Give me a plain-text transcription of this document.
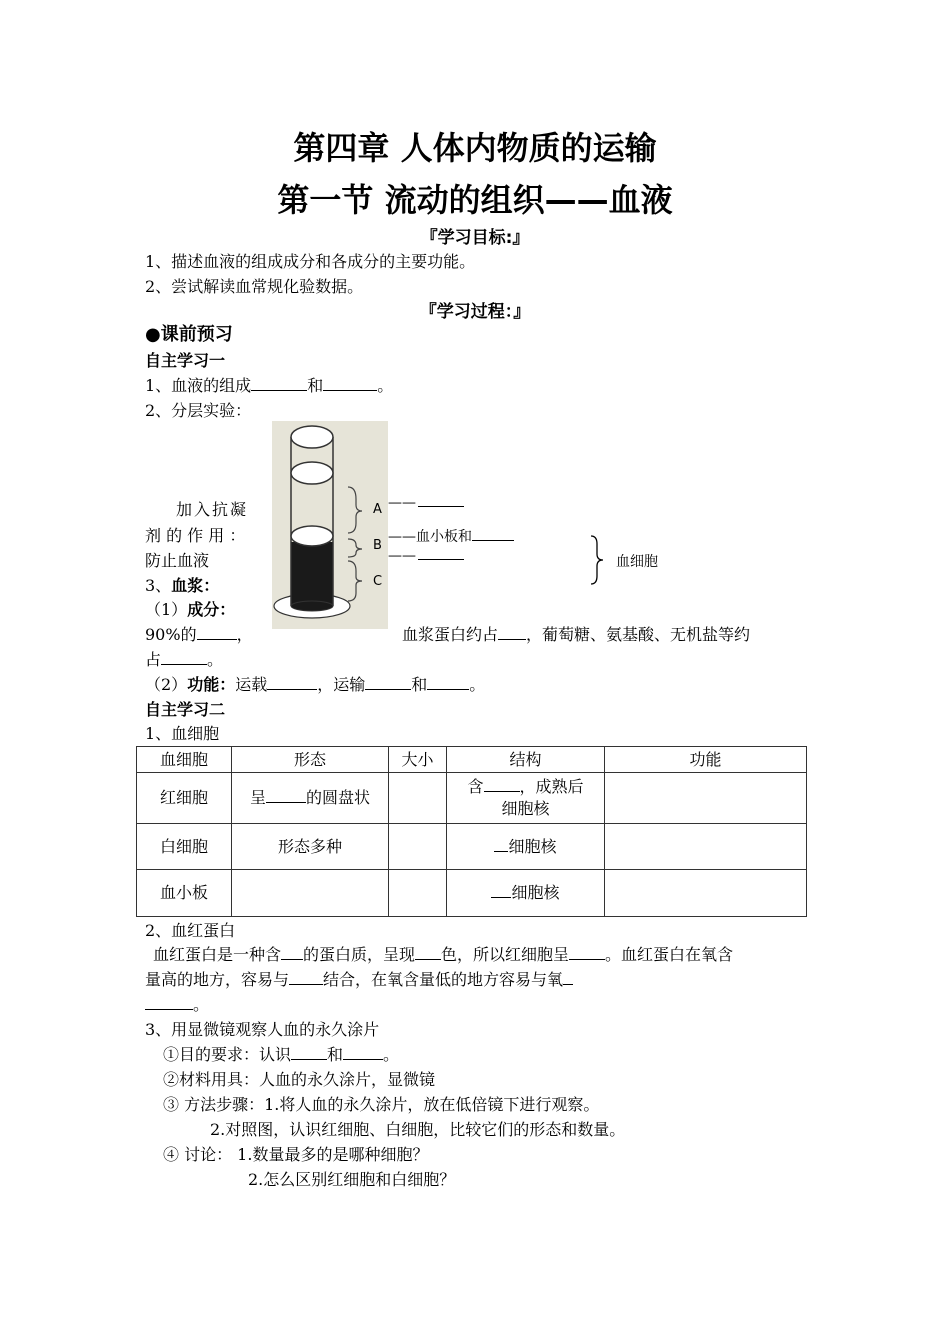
第四章 人体内物质的运输
第一节 流动的组织——血液
『学习目标:』
1、描述血液的组成成分和各成分的主要功能。
2、尝试解读血常规化验数据。
『学习过程：』
●课前预习
自主学习一
1、血液的组成	和	。
2、分层实验：
A
B
C
——
——血小板和
——	血细胞
加入抗凝
剂 的 作 用 ：
防止血液
3、血浆：
（1）成分：
90%的	，	血浆蛋白约占 ，葡萄糖、氨基酸、无机盐等约
占	。
（2）功能：运载	，运输	和	。
自主学习二
1、血细胞
血细胞	形态	大小	结构	功能
红细胞	呈 的圆盘状		含 ，成熟后
细胞核	

白细胞	形态多种		细胞核	
血小板			细胞核	
2、血红蛋白
血红蛋白是一种含 的蛋白质，呈现 色，所以红细胞呈 。血红蛋白在氧含
量高的地方，容易与 结合，在氧含量低的地方容易与氧
。
3、用显微镜观察人血的永久涂片
①目的要求：认识 和	。
②材料用具：人血的永久涂片，显微镜
③ 方法步骤：1.将人血的永久涂片，放在低倍镜下进行观察。
2.对照图，认识红细胞、白细胞，比较它们的形态和数量。
④ 讨论： 1.数量最多的是哪种细胞？
2.怎么区别红细胞和白细胞？
